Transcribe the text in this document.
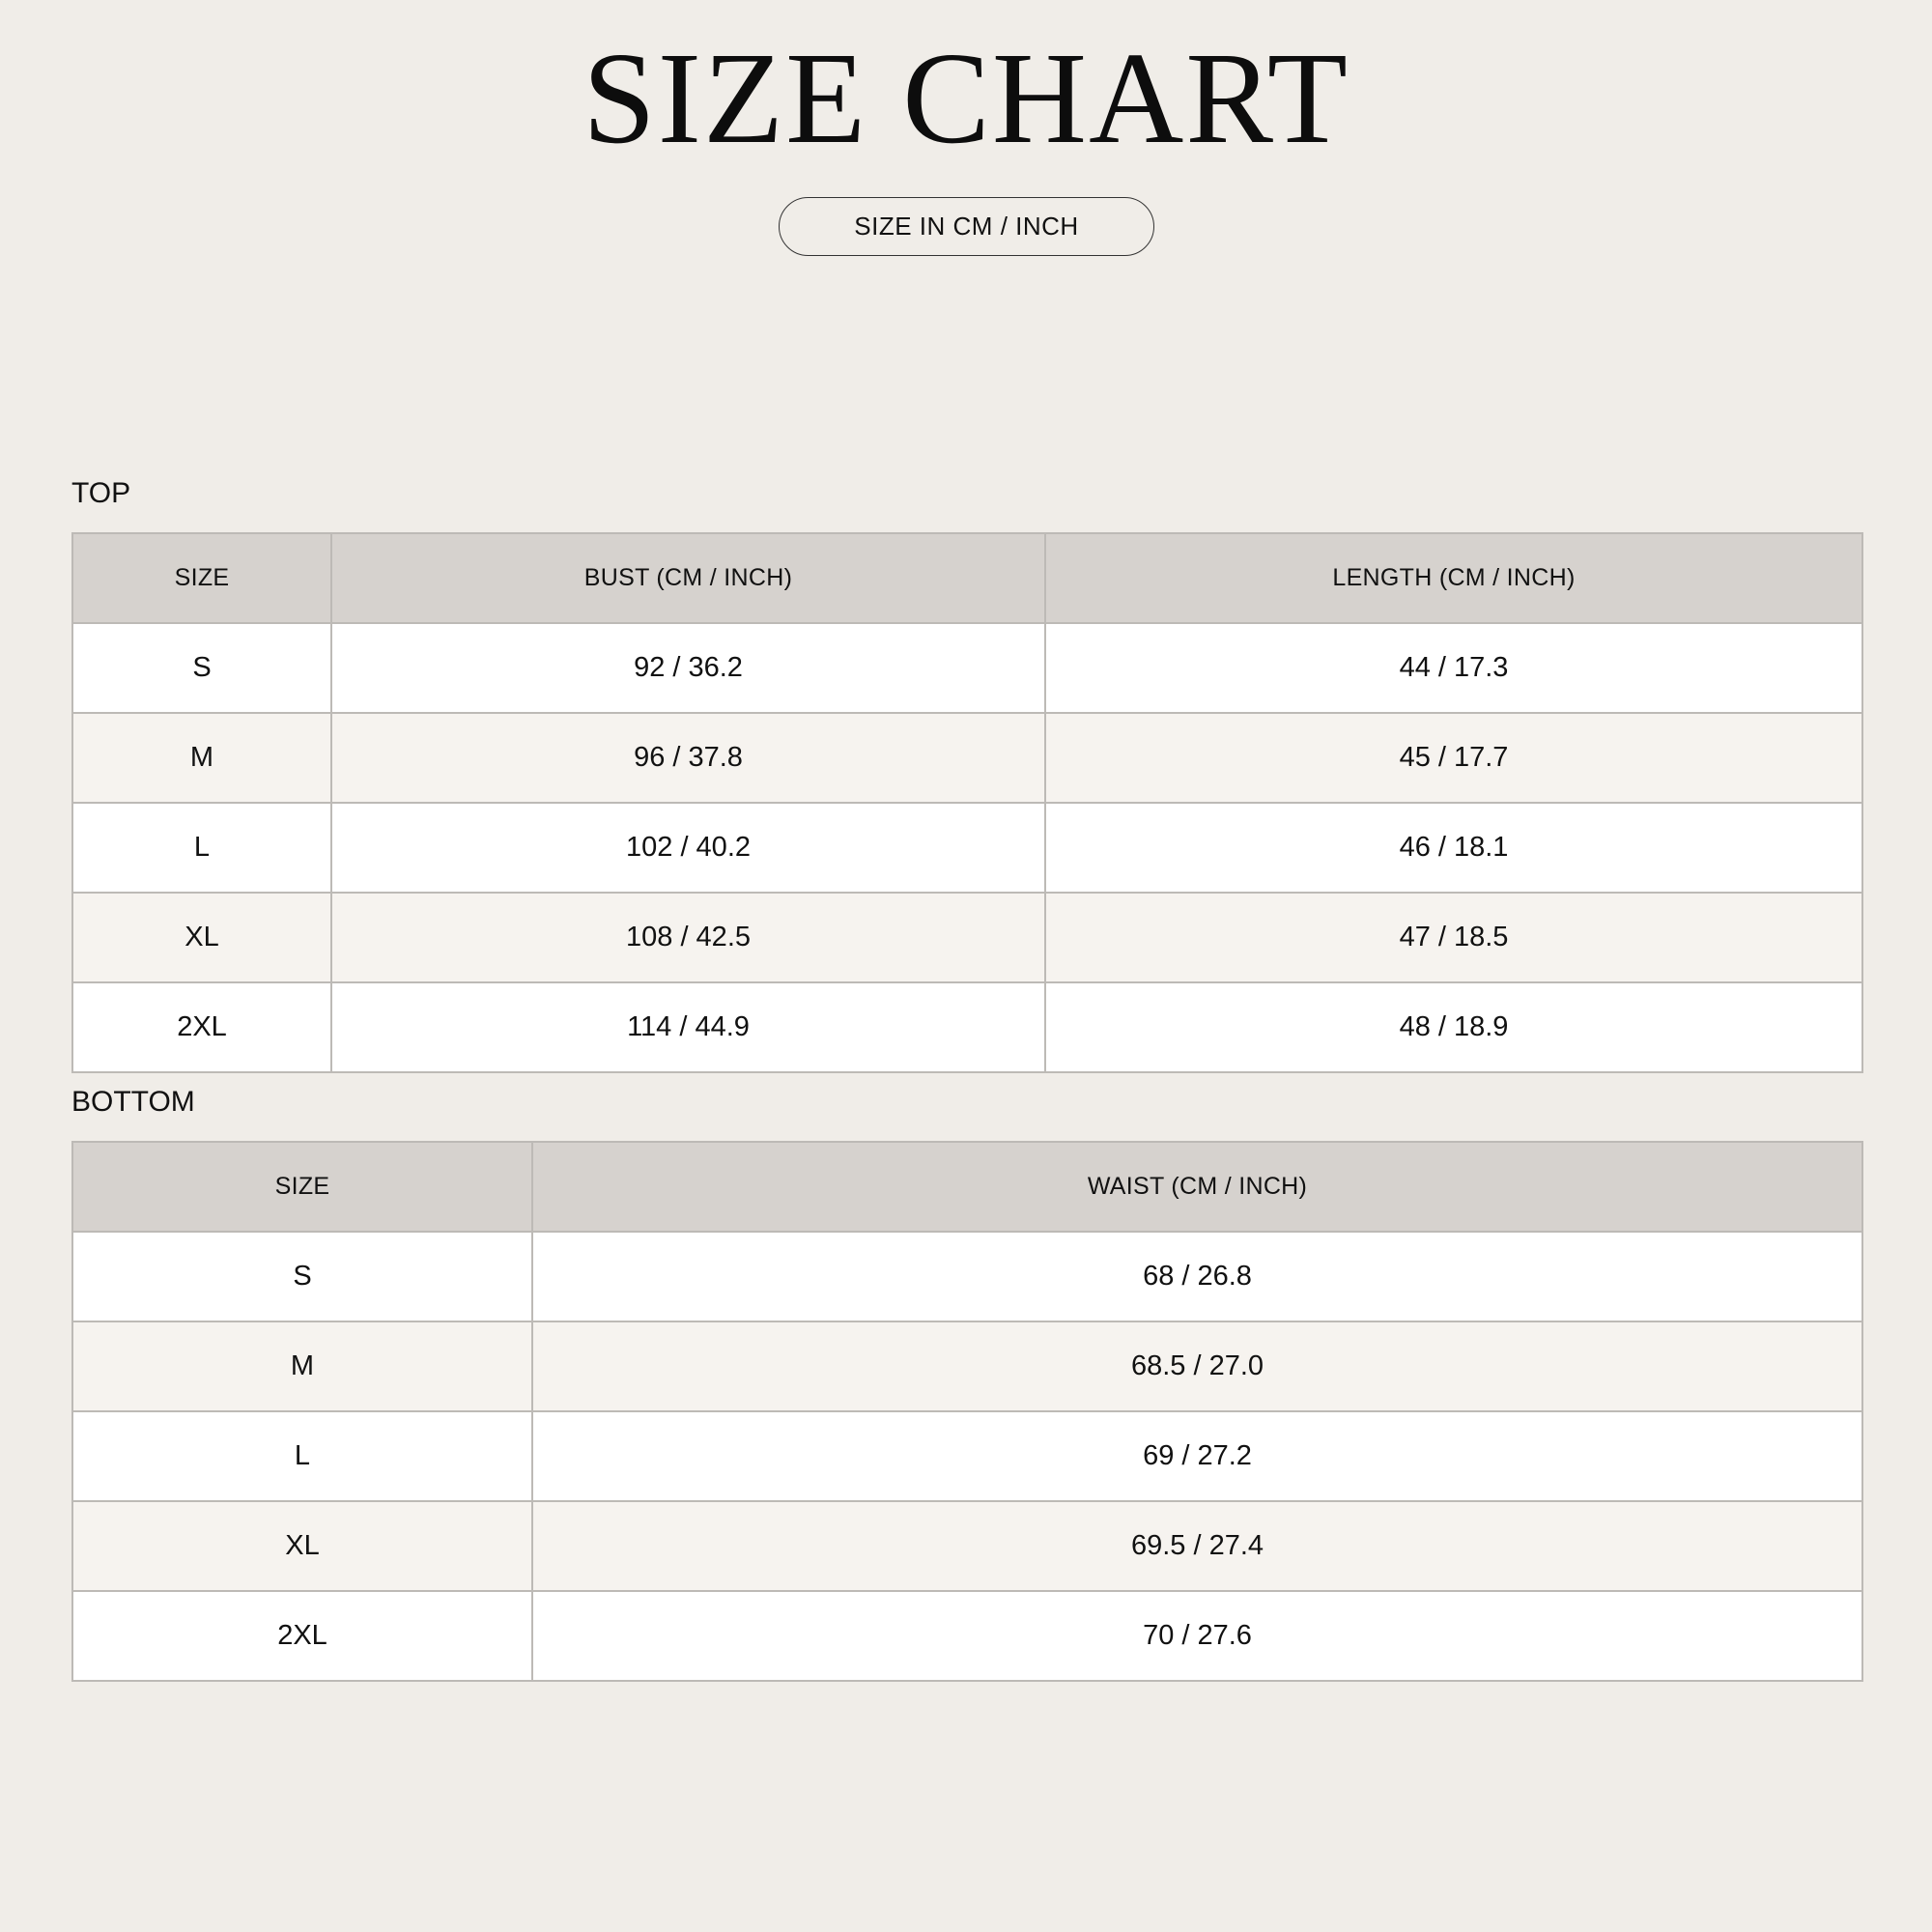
SIZE CHART
SIZE IN CM / INCH
TOP
SIZE	BUST (CM / INCH)	LENGTH (CM / INCH)
S	92 / 36.2	44 / 17.3
M	96 / 37.8	45 / 17.7
L	102 / 40.2	46 / 18.1
XL	108 / 42.5	47 / 18.5
2XL	114 / 44.9	48 / 18.9
BOTTOM
SIZE	WAIST (CM / INCH)
S	68 / 26.8
M	68.5 / 27.0
L	69 / 27.2
XL	69.5 / 27.4
2XL	70 / 27.6
